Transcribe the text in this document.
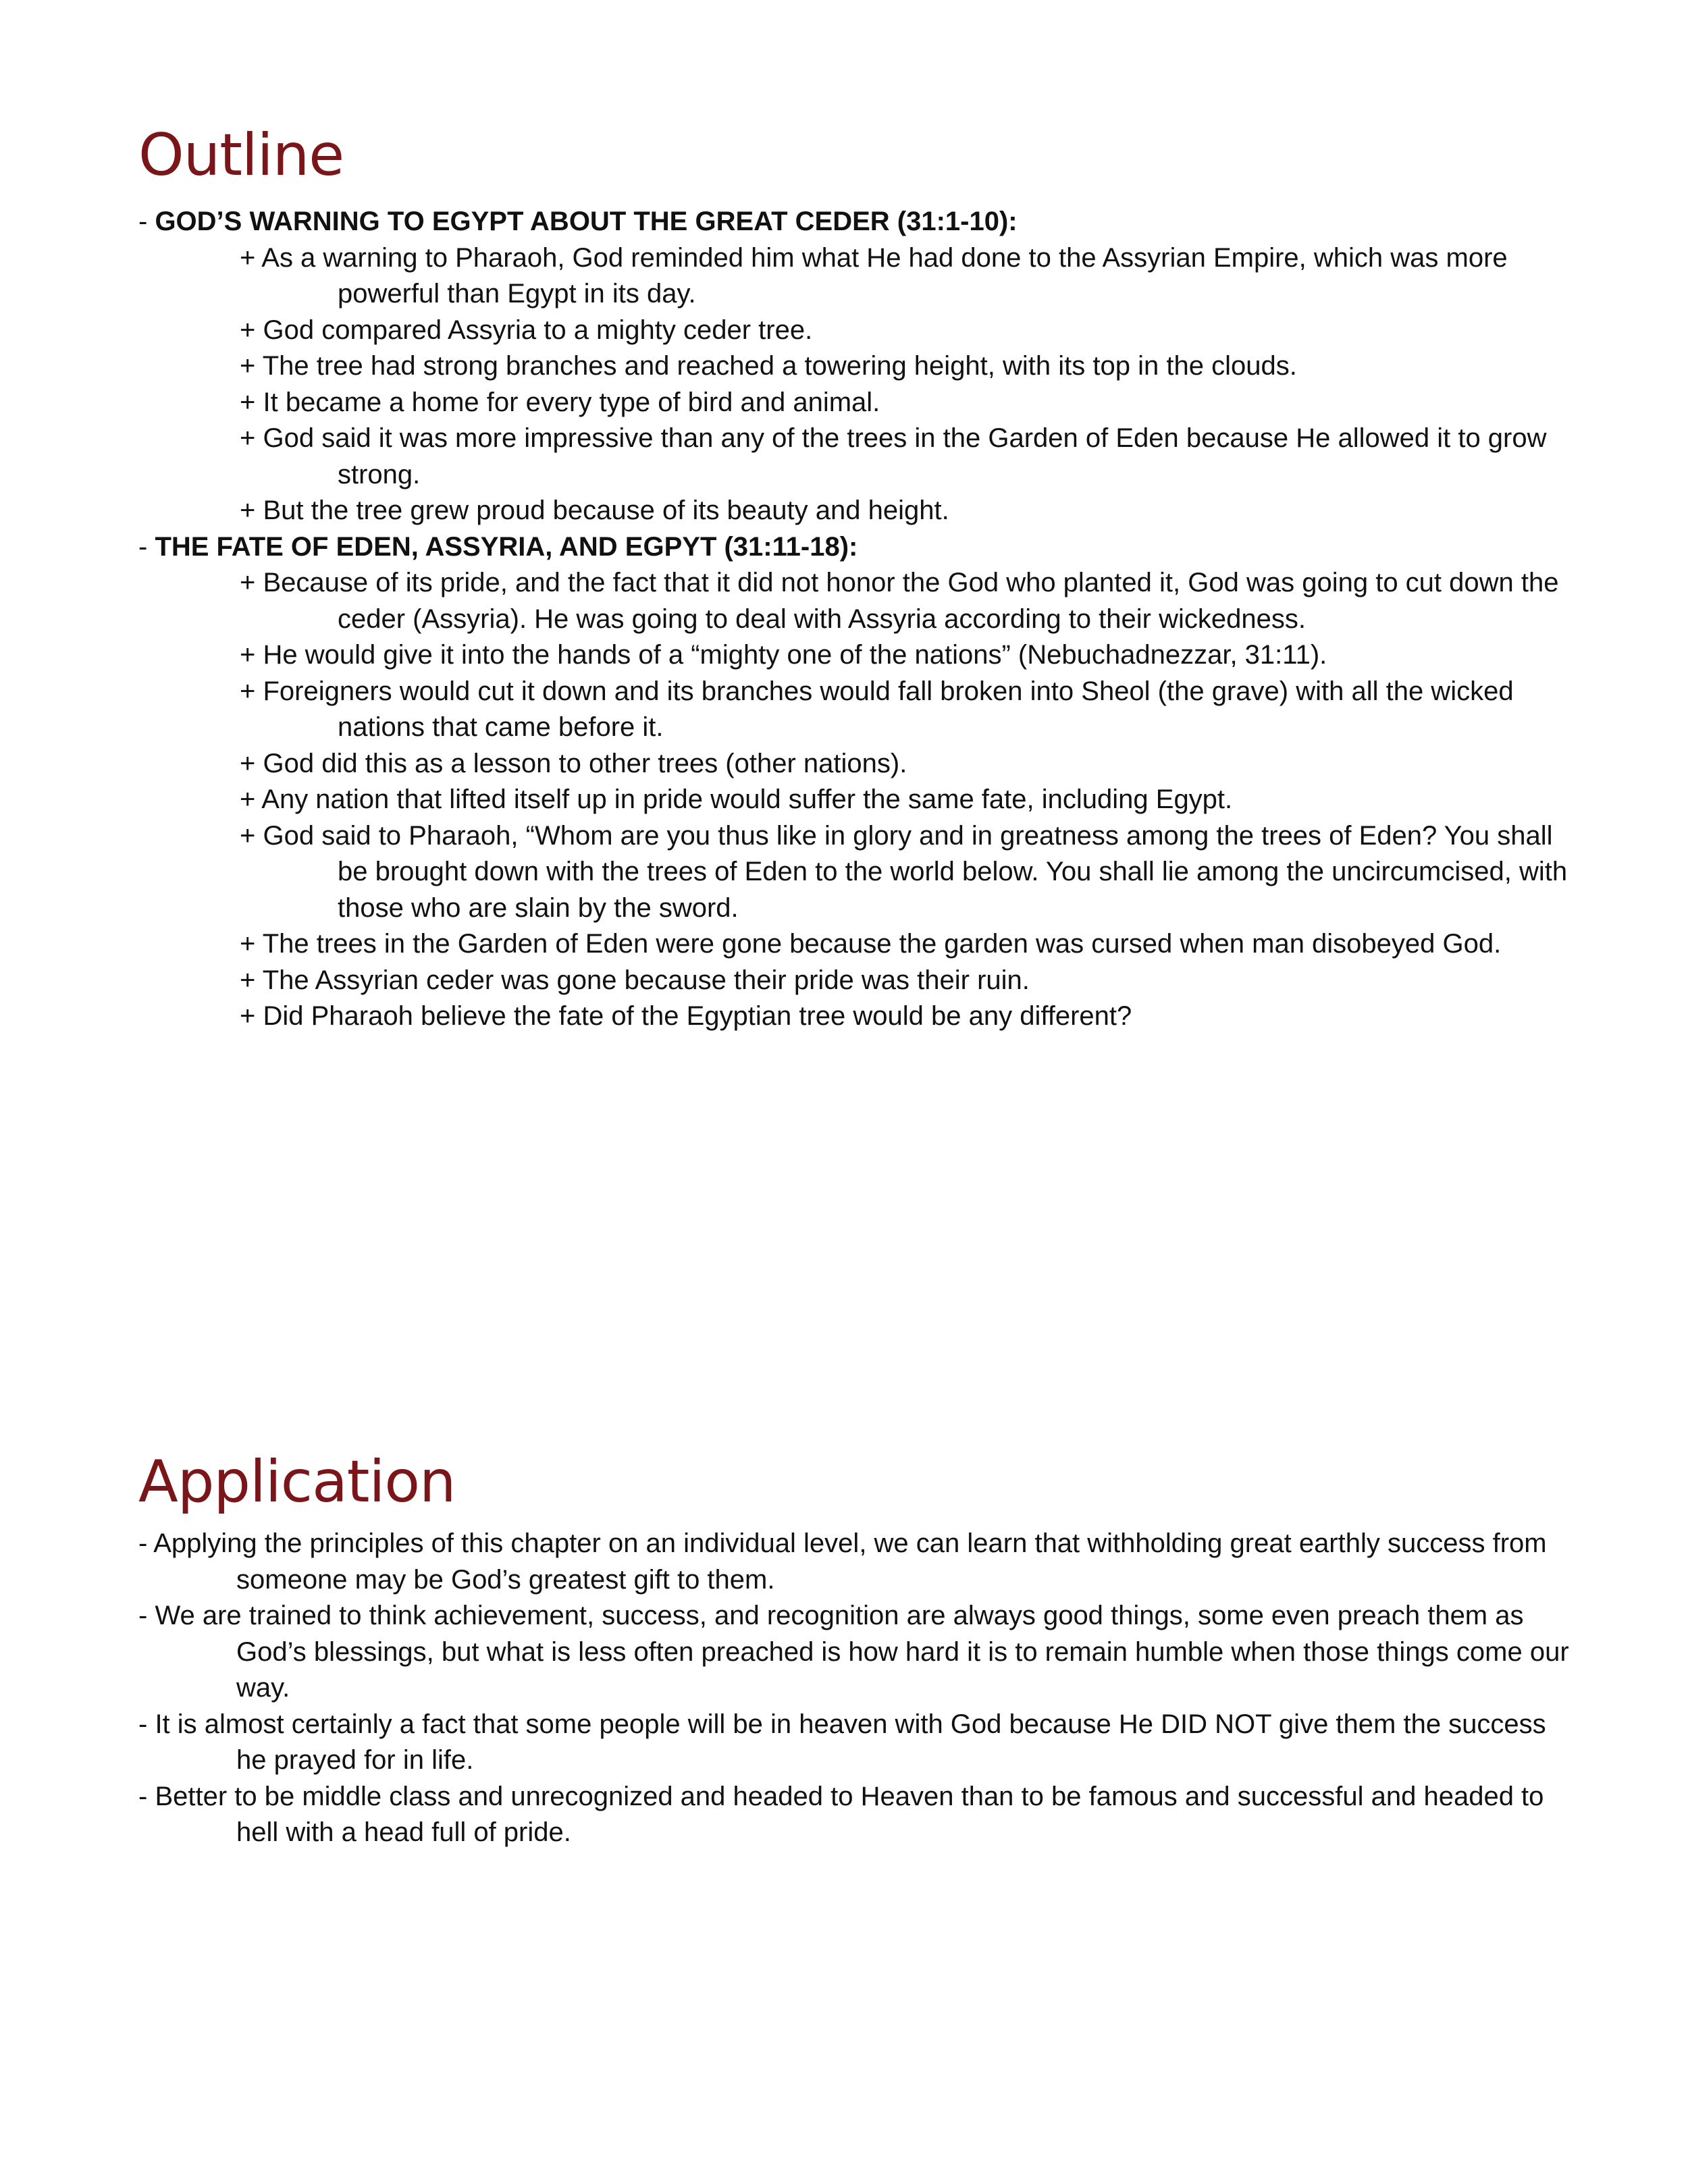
Outline
- GOD’S WARNING TO EGYPT ABOUT THE GREAT CEDER (31:1-10):
+ As a warning to Pharaoh, God reminded him what He had done to the Assyrian Empire, which was more powerful than Egypt in its day.
+ God compared Assyria to a mighty ceder tree.
+ The tree had strong branches and reached a towering height, with its top in the clouds.
+ It became a home for every type of bird and animal.
+ God said it was more impressive than any of the trees in the Garden of Eden because He allowed it to grow strong.
+ But the tree grew proud because of its beauty and height.
- THE FATE OF EDEN, ASSYRIA, AND EGPYT (31:11-18):
+ Because of its pride, and the fact that it did not honor the God who planted it, God was going to cut down the ceder (Assyria). He was going to deal with Assyria according to their wickedness.
+ He would give it into the hands of a “mighty one of the nations” (Nebuchadnezzar, 31:11).
+ Foreigners would cut it down and its branches would fall broken into Sheol (the grave) with all the wicked nations that came before it.
+ God did this as a lesson to other trees (other nations).
+ Any nation that lifted itself up in pride would suffer the same fate, including Egypt.
+ God said to Pharaoh, “Whom are you thus like in glory and in greatness among the trees of Eden? You shall be brought down with the trees of Eden to the world below. You shall lie among the uncircumcised, with those who are slain by the sword.
+ The trees in the Garden of Eden were gone because the garden was cursed when man disobeyed God.
+ The Assyrian ceder was gone because their pride was their ruin.
+ Did Pharaoh believe the fate of the Egyptian tree would be any different?
Application
- Applying the principles of this chapter on an individual level, we can learn that withholding great earthly success from someone may be God’s greatest gift to them.
- We are trained to think achievement, success, and recognition are always good things, some even preach them as God’s blessings, but what is less often preached is how hard it is to remain humble when those things come our way.
- It is almost certainly a fact that some people will be in heaven with God because He DID NOT give them the success he prayed for in life.
- Better to be middle class and unrecognized and headed to Heaven than to be famous and successful and headed to hell with a head full of pride.
